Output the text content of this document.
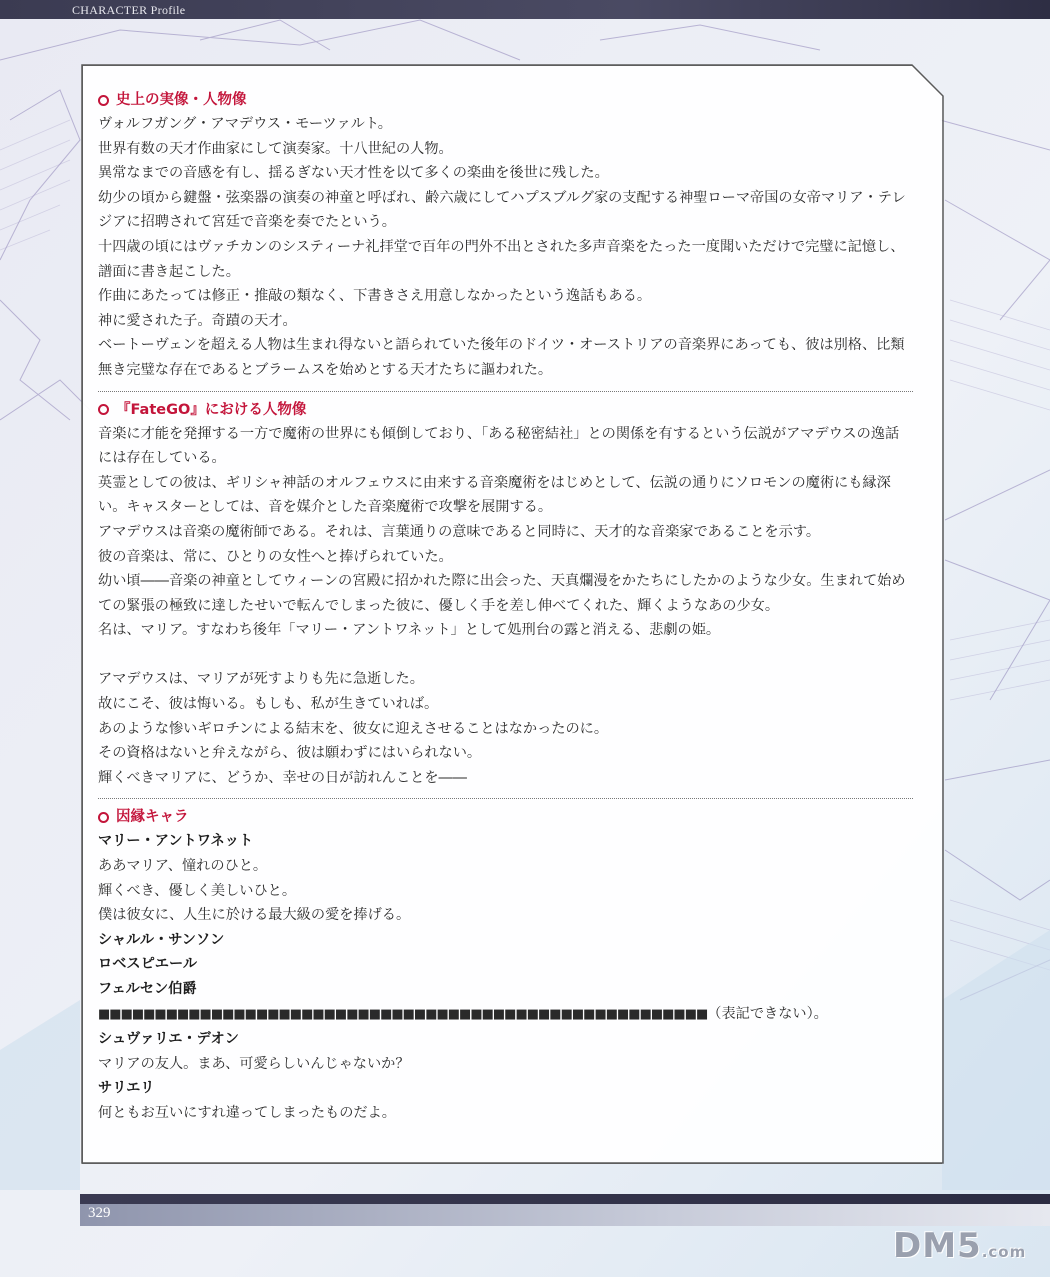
CHARACTER Profile
史上の実像・人物像

ヴォルフガング・アマデウス・モーツァルト。

世界有数の天才作曲家にして演奏家。十八世紀の人物。

異常なまでの音感を有し、揺るぎない天才性を以て多くの楽曲を後世に残した。

幼少の頃から鍵盤・弦楽器の演奏の神童と呼ばれ、齢六歳にしてハプスブルグ家の支配する神聖ローマ帝国の女帝マリア・テレジアに招聘されて宮廷で音楽を奏でたという。

十四歳の頃にはヴァチカンのシスティーナ礼拝堂で百年の門外不出とされた多声音楽をたった一度聞いただけで完璧に記憶し、譜面に書き起こした。

作曲にあたっては修正・推敲の類なく、下書きさえ用意しなかったという逸話もある。

神に愛された子。奇蹟の天才。

ベートーヴェンを超える人物は生まれ得ないと語られていた後年のドイツ・オーストリアの音楽界にあっても、彼は別格、比類無き完璧な存在であるとブラームスを始めとする天才たちに謳われた。

『FateGO』における人物像

音楽に才能を発揮する一方で魔術の世界にも傾倒しており、「ある秘密結社」との関係を有するという伝説がアマデウスの逸話には存在している。

英霊としての彼は、ギリシャ神話のオルフェウスに由来する音楽魔術をはじめとして、伝説の通りにソロモンの魔術にも縁深い。キャスターとしては、音を媒介とした音楽魔術で攻撃を展開する。

アマデウスは音楽の魔術師である。それは、言葉通りの意味であると同時に、天才的な音楽家であることを示す。

彼の音楽は、常に、ひとりの女性へと捧げられていた。

幼い頃――音楽の神童としてウィーンの宮殿に招かれた際に出会った、天真爛漫をかたちにしたかのような少女。生まれて始めての緊張の極致に達したせいで転んでしまった彼に、優しく手を差し伸べてくれた、輝くようなあの少女。

名は、マリア。すなわち後年「マリー・アントワネット」として処刑台の露と消える、悲劇の姫。

アマデウスは、マリアが死すよりも先に急逝した。

故にこそ、彼は悔いる。もしも、私が生きていれば。

あのような惨いギロチンによる結末を、彼女に迎えさせることはなかったのに。

その資格はないと弁えながら、彼は願わずにはいられない。

輝くべきマリアに、どうか、幸せの日が訪れんことを――

因縁キャラ

マリー・アントワネット

ああマリア、憧れのひと。

輝くべき、優しく美しいひと。

僕は彼女に、人生に於ける最大級の愛を捧げる。

シャルル・サンソン

ロベスピエール

フェルセン伯爵

■■■■■■■■■■■■■■■■■■■■■■■■■■■■■■■■■■■■■■■■■■■■■■■■■■■■■■（表記できない）。

シュヴァリエ・デオン

マリアの友人。まあ、可愛らしいんじゃないか？

サリエリ

何ともお互いにすれ違ってしまったものだよ。

329
DM5.com
